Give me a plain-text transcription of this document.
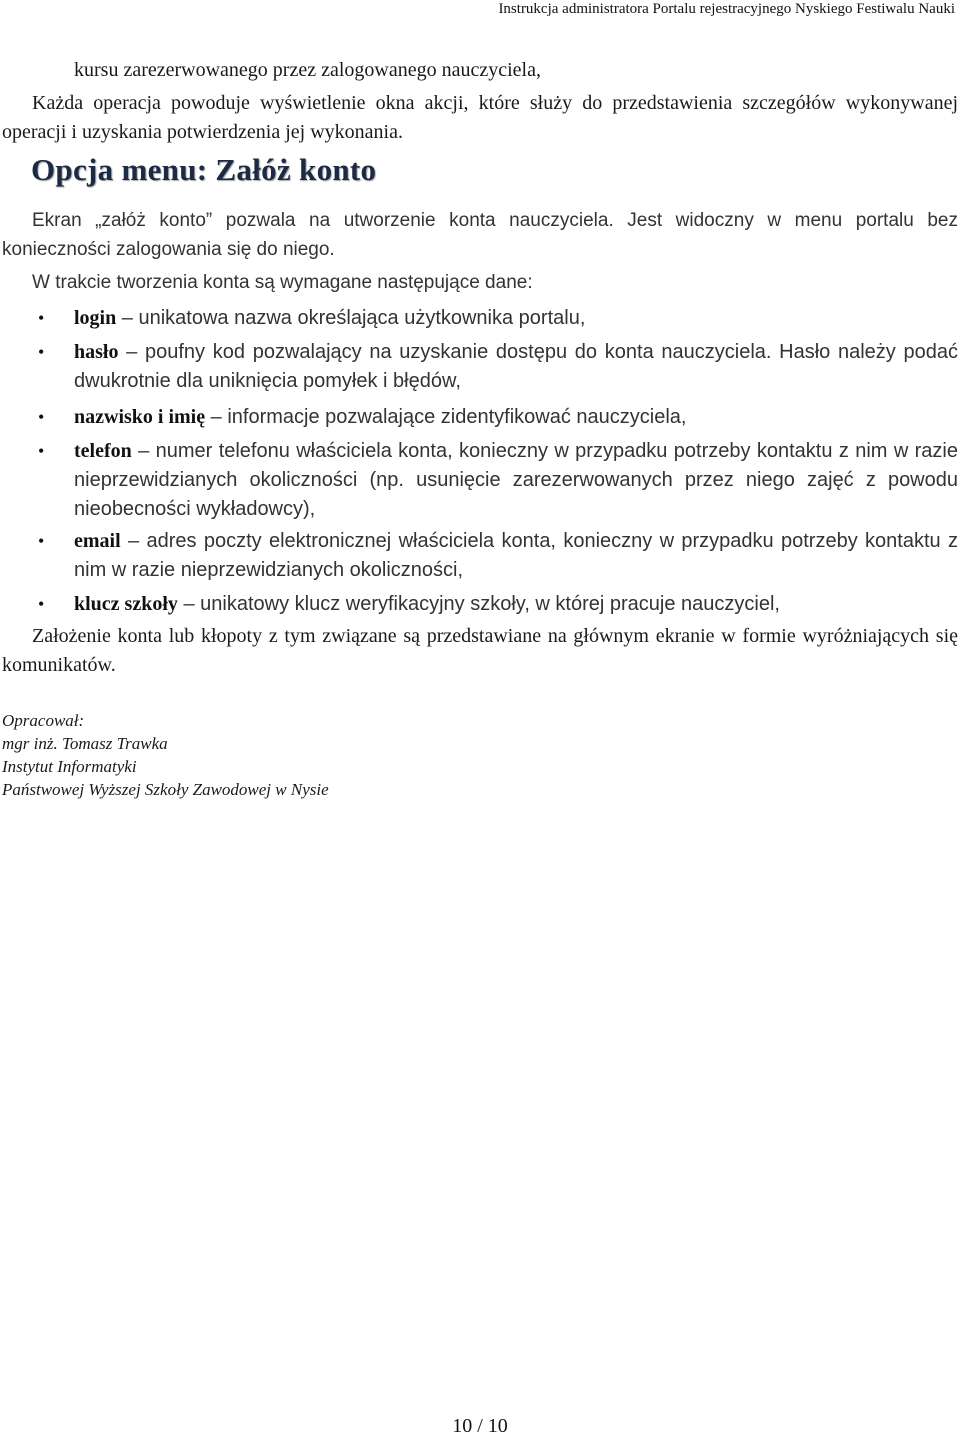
Instrukcja administratora Portalu rejestracyjnego Nyskiego Festiwalu Nauki

kursu zarezerwowanego przez zalogowanego nauczyciela,

Każda operacja powoduje wyświetlenie okna akcji, które służy do przedstawienia szczegółów wykonywanej operacji i uzyskania potwierdzenia jej wykonania.

Opcja menu: Załóż konto

Ekran „załóż konto” pozwala na utworzenie konta nauczyciela. Jest widoczny w menu portalu bez konieczności zalogowania się do niego.

W trakcie tworzenia konta są wymagane następujące dane:

• login – unikatowa nazwa określająca użytkownika portalu,

• hasło – poufny kod pozwalający na uzyskanie dostępu do konta nauczyciela. Hasło należy podać dwukrotnie dla uniknięcia pomyłek i błędów,

• nazwisko i imię – informacje pozwalające zidentyfikować nauczyciela,

• telefon – numer telefonu właściciela konta, konieczny w przypadku potrzeby kontaktu z nim w razie nieprzewidzianych okoliczności (np. usunięcie zarezerwowanych przez niego zajęć z powodu nieobecności wykładowcy),

• email – adres poczty elektronicznej właściciela konta, konieczny w przypadku potrzeby kontaktu z nim w razie nieprzewidzianych okoliczności,

• klucz szkoły – unikatowy klucz weryfikacyjny szkoły, w której pracuje nauczyciel,

Założenie konta lub kłopoty z tym związane są przedstawiane na głównym ekranie w formie wyróżniających się komunikatów.

Opracował:

mgr inż. Tomasz Trawka

Instytut Informatyki

Państwowej Wyższej Szkoły Zawodowej w Nysie

10 / 10
